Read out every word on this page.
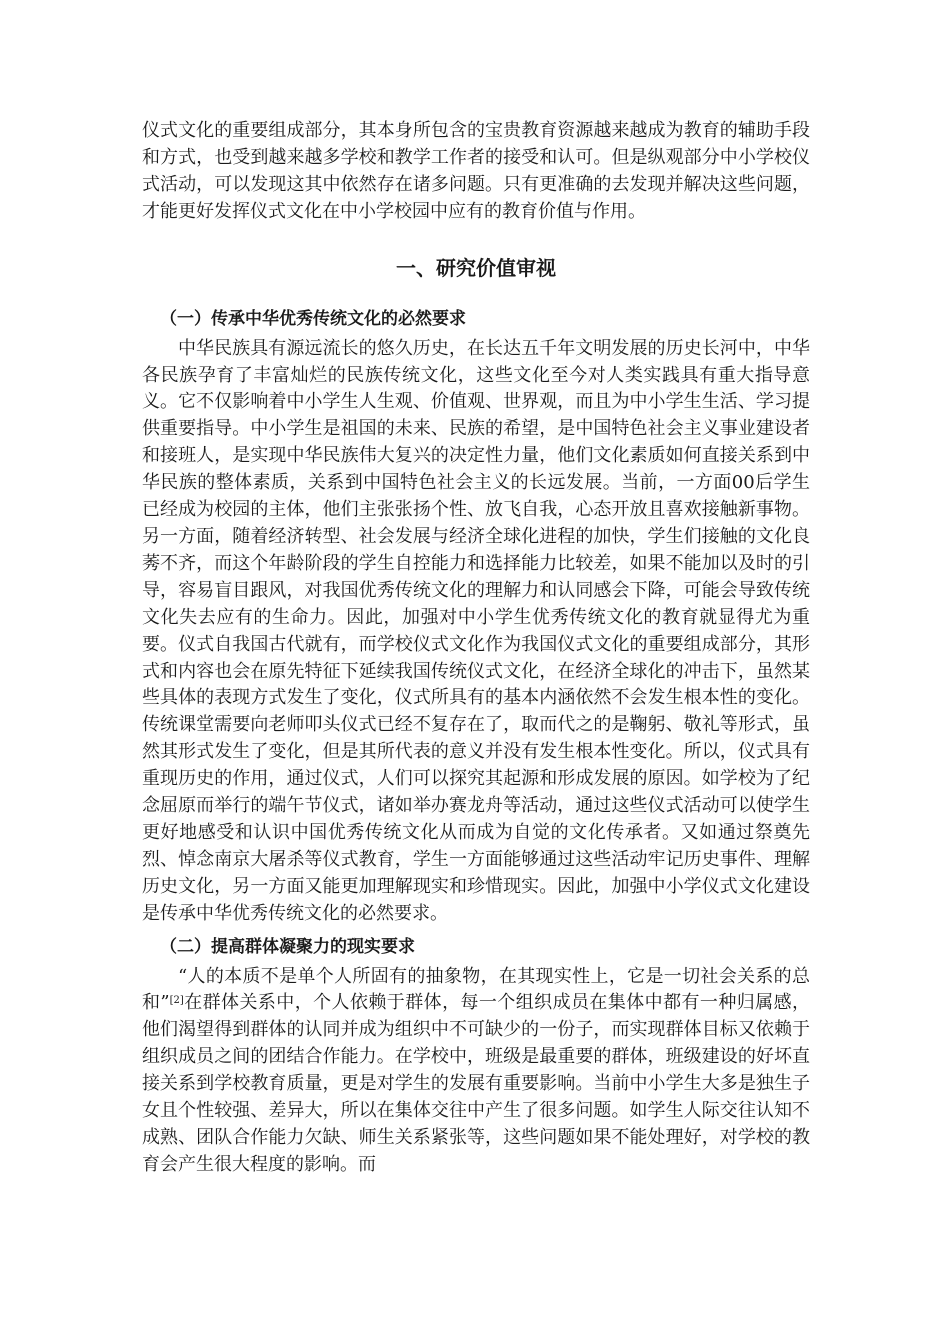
仪式文化的重要组成部分，其本身所包含的宝贵教育资源越来越成为教育的辅助手段和方式，也受到越来越多学校和教学工作者的接受和认可。但是纵观部分中小学校仪式活动，可以发现这其中依然存在诸多问题。只有更准确的去发现并解决这些问题，才能更好发挥仪式文化在中小学校园中应有的教育价值与作用。

一、研究价值审视
（一）传承中华优秀传统文化的必然要求

中华民族具有源远流长的悠久历史，在长达五千年文明发展的历史长河中，中华各民族孕育了丰富灿烂的民族传统文化，这些文化至今对人类实践具有重大指导意义。它不仅影响着中小学生人生观、价值观、世界观，而且为中小学生生活、学习提供重要指导。中小学生是祖国的未来、民族的希望，是中国特色社会主义事业建设者和接班人，是实现中华民族伟大复兴的决定性力量，他们文化素质如何直接关系到中华民族的整体素质，关系到中国特色社会主义的长远发展。当前，一方面00后学生已经成为校园的主体，他们主张张扬个性、放飞自我，心态开放且喜欢接触新事物。另一方面，随着经济转型、社会发展与经济全球化进程的加快，学生们接触的文化良莠不齐，而这个年龄阶段的学生自控能力和选择能力比较差，如果不能加以及时的引导，容易盲目跟风，对我国优秀传统文化的理解力和认同感会下降，可能会导致传统文化失去应有的生命力。因此，加强对中小学生优秀传统文化的教育就显得尤为重要。仪式自我国古代就有，而学校仪式文化作为我国仪式文化的重要组成部分，其形式和内容也会在原先特征下延续我国传统仪式文化，在经济全球化的冲击下，虽然某些具体的表现方式发生了变化，仪式所具有的基本内涵依然不会发生根本性的变化。传统课堂需要向老师叩头仪式已经不复存在了，取而代之的是鞠躬、敬礼等形式，虽然其形式发生了变化，但是其所代表的意义并没有发生根本性变化。所以，仪式具有重现历史的作用，通过仪式，人们可以探究其起源和形成发展的原因。如学校为了纪念屈原而举行的端午节仪式，诸如举办赛龙舟等活动，通过这些仪式活动可以使学生更好地感受和认识中国优秀传统文化从而成为自觉的文化传承者。又如通过祭奠先烈、悼念南京大屠杀等仪式教育，学生一方面能够通过这些活动牢记历史事件、理解历史文化，另一方面又能更加理解现实和珍惜现实。因此，加强中小学仪式文化建设是传承中华优秀传统文化的必然要求。

（二）提高群体凝聚力的现实要求

“人的本质不是单个人所固有的抽象物，在其现实性上，它是一切社会关系的总和”[2]在群体关系中，个人依赖于群体，每一个组织成员在集体中都有一种归属感，他们渴望得到群体的认同并成为组织中不可缺少的一份子，而实现群体目标又依赖于组织成员之间的团结合作能力。在学校中，班级是最重要的群体，班级建设的好坏直接关系到学校教育质量，更是对学生的发展有重要影响。当前中小学生大多是独生子女且个性较强、差异大，所以在集体交往中产生了很多问题。如学生人际交往认知不成熟、团队合作能力欠缺、师生关系紧张等，这些问题如果不能处理好，对学校的教育会产生很大程度的影响。而
